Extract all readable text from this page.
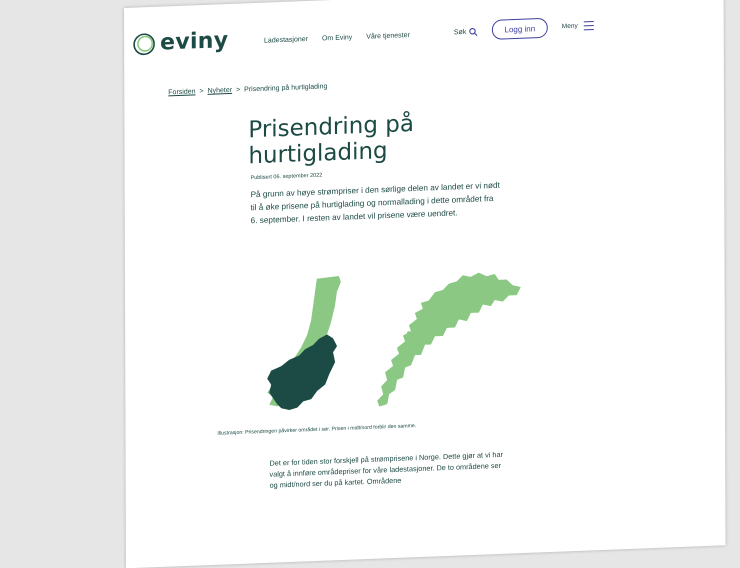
eviny	Ladestasjoner Om Eviny Våre tjenester	Søk	Logg inn	Meny
Forsiden > Nyheter > Prisendring på hurtiglading
Prisendring på hurtiglading
Publisert 06. september 2022

På grunn av høye strømpriser i den sørlige delen av landet er vi nødt til å øke prisene på hurtiglading og normallading i dette området fra 6. september. I resten av landet vil prisene være uendret.

Illustrasjon: Prisendringen påvirker området i sør. Prisen i midt/nord forblir den samme.

Det er for tiden stor forskjell på strømprisene i Norge. Dette gjør at vi har valgt å innføre områdepriser for våre ladestasjoner. De to områdene ser og midt/nord ser du på kartet. Områdene
